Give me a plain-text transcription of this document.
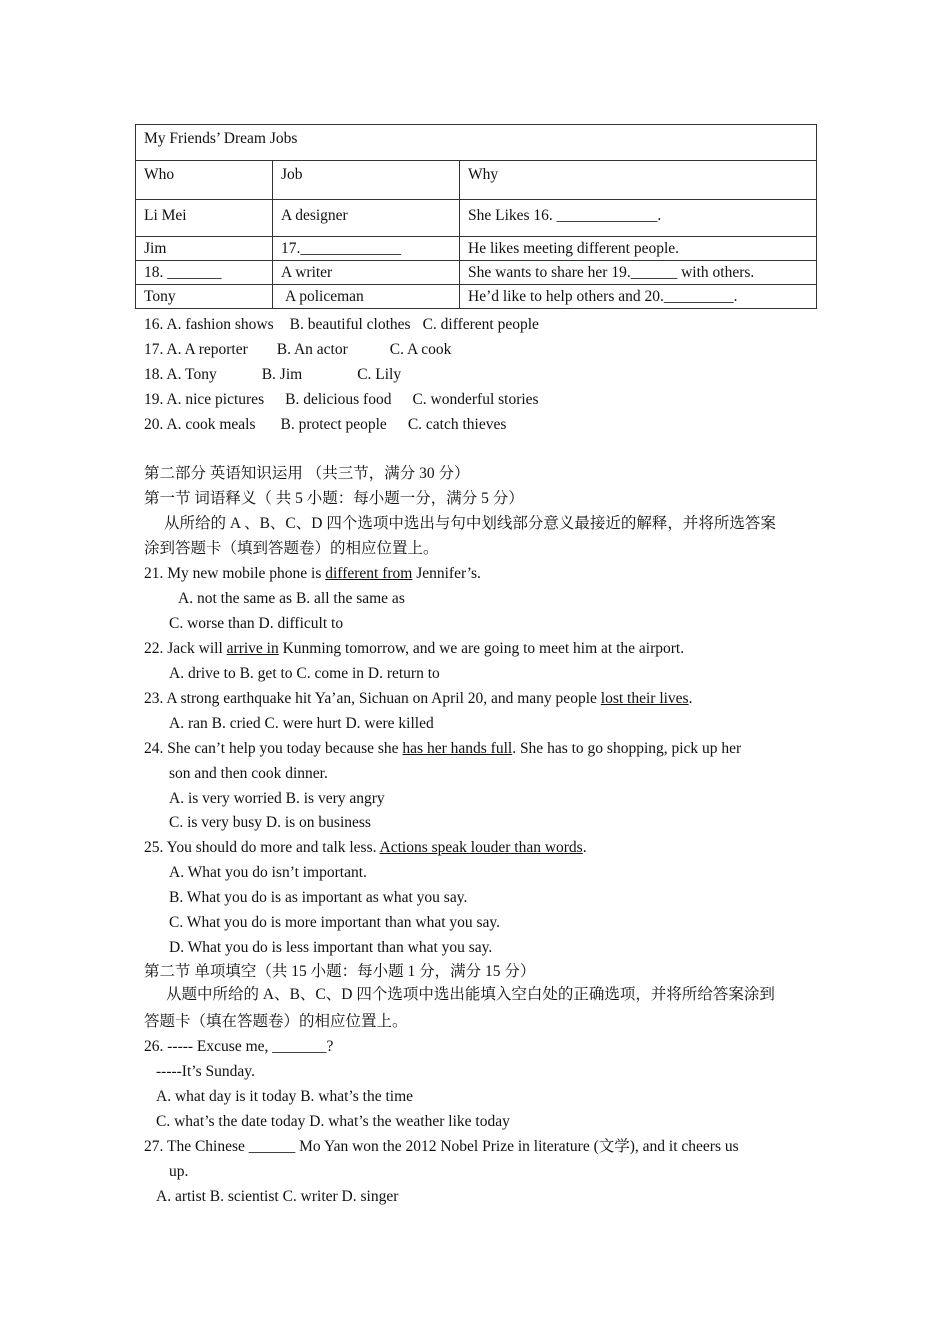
My Friends’ Dream Jobs		
Who	Job	Why
Li Mei	A designer	She Likes 16. _____________.
Jim	17._____________	He likes meeting different people.
18. _______	A writer	She wants to share her 19.______ with others.
Tony	A policeman	He’d like to help others and 20._________.
16. A. fashion shows B. beautiful clothes C. different people
17. A. A reporter B. An actor	C. A cook
18. A. Tony	B. Jim	C. Lily
19. A. nice pictures B. delicious food C. wonderful stories
20. A. cook meals B. protect people C. catch thieves
第二部分 英语知识运用 （共三节，满分 30 分）
第一节 词语释义（ 共 5 小题：每小题一分，满分 5 分）
从所给的 A 、B、C、D 四个选项中选出与句中划线部分意义最接近的解释，并将所选答案
涂到答题卡（填到答题卷）的相应位置上。
21. My new mobile phone is different from Jennifer’s.
A. not the same as B. all the same as
C. worse than D. difficult to
22. Jack will arrive in Kunming tomorrow, and we are going to meet him at the airport.
A. drive to B. get to C. come in D. return to
23. A strong earthquake hit Ya’an, Sichuan on April 20, and many people lost their lives.
A. ran B. cried C. were hurt D. were killed
24. She can’t help you today because she has her hands full. She has to go shopping, pick up her
son and then cook dinner.
A. is very worried B. is very angry
C. is very busy D. is on business
25. You should do more and talk less. Actions speak louder than words.
A. What you do isn’t important.
B. What you do is as important as what you say.
C. What you do is more important than what you say.
D. What you do is less important than what you say.
第二节 单项填空（共 15 小题：每小题 1 分，满分 15 分）
从题中所给的 A、B、C、D 四个选项中选出能填入空白处的正确选项，并将所给答案涂到
答题卡（填在答题卷）的相应位置上。
26. ----- Excuse me, _______?
-----It’s Sunday.
A. what day is it today B. what’s the time
C. what’s the date today D. what’s the weather like today
27. The Chinese ______ Mo Yan won the 2012 Nobel Prize in literature (文学), and it cheers us
up.
A. artist B. scientist C. writer D. singer
